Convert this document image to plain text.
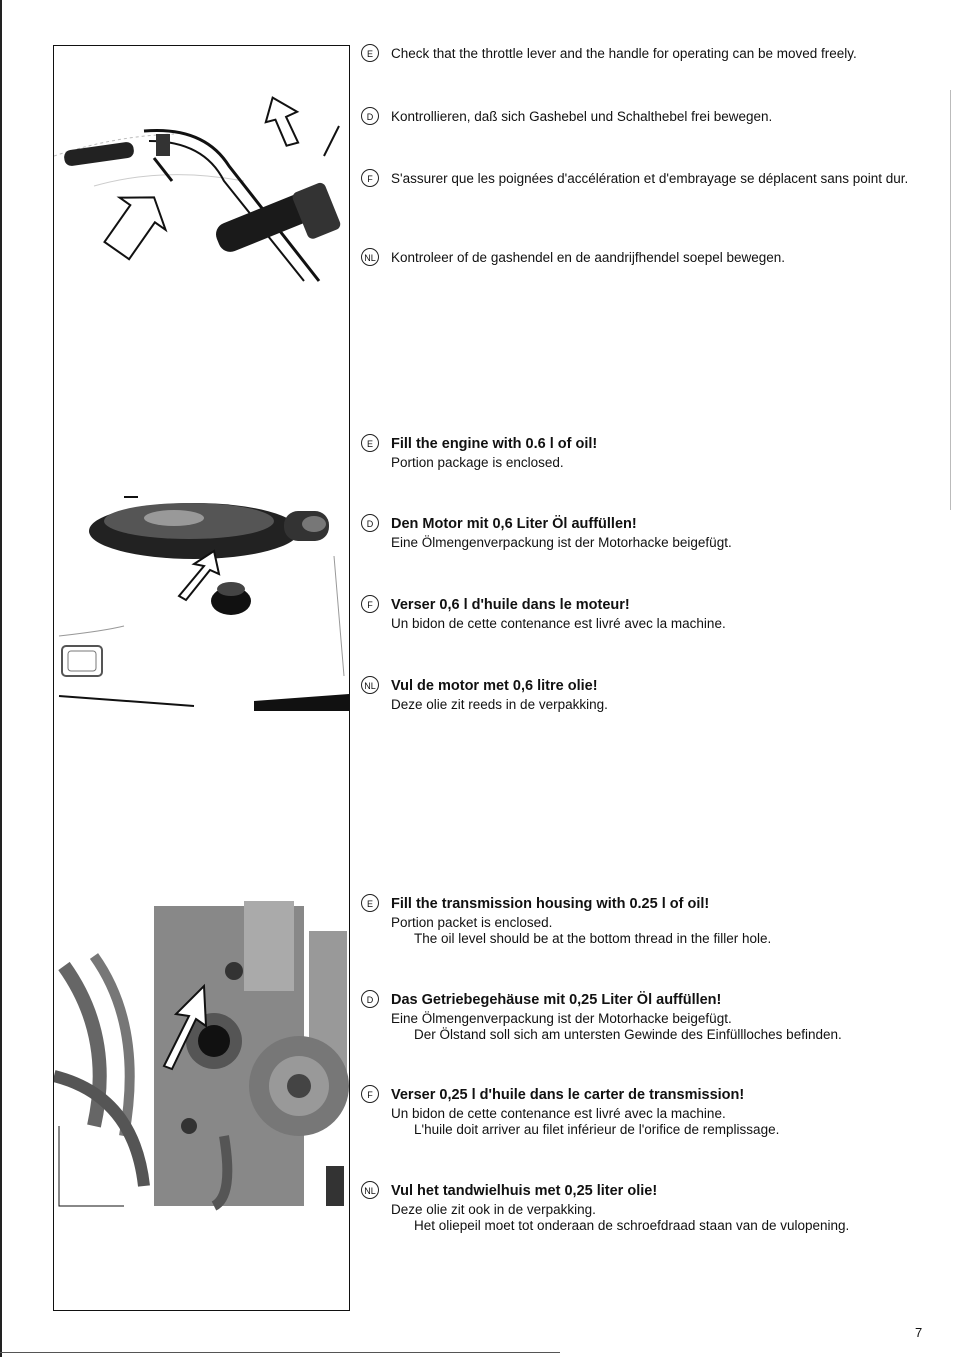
E	Check that the throttle lever and the handle for operating can be moved freely.
D	Kontrollieren, daß sich Gashebel und Schalthebel frei bewegen.
F	S'assurer que les poignées d'accélération et d'embrayage se déplacent sans point dur.
NL Kontroleer of de gashendel en de aandrijfhendel soepel bewegen.
E	Fill the engine with 0.6 l of oil!
Portion package is enclosed.
D	Den Motor mit 0,6 Liter Öl auffüllen!
Eine Ölmengenverpackung ist der Motorhacke beigefügt.
F	Verser 0,6 l d'huile dans le moteur!
Un bidon de cette contenance est livré avec la machine.
NL Vul de motor met 0,6 litre olie!
Deze olie zit reeds in de verpakking.
E	Fill the transmission housing with 0.25 l of oil!
Portion packet is enclosed.
The oil level should be at the bottom thread in the filler hole.
D	Das Getriebegehäuse mit 0,25 Liter Öl auffüllen!
Eine Ölmengenverpackung ist der Motorhacke beigefügt.
Der Ölstand soll sich am untersten Gewinde des Einfüllloches befinden.
F	Verser 0,25 l d'huile dans le carter de transmission!
Un bidon de cette contenance est livré avec la machine.
L'huile doit arriver au filet inférieur de l'orifice de remplissage.
NL Vul het tandwielhuis met 0,25 liter olie!
Deze olie zit ook in de verpakking.
Het oliepeil moet tot onderaan de schroefdraad staan van de vulopening.
7
